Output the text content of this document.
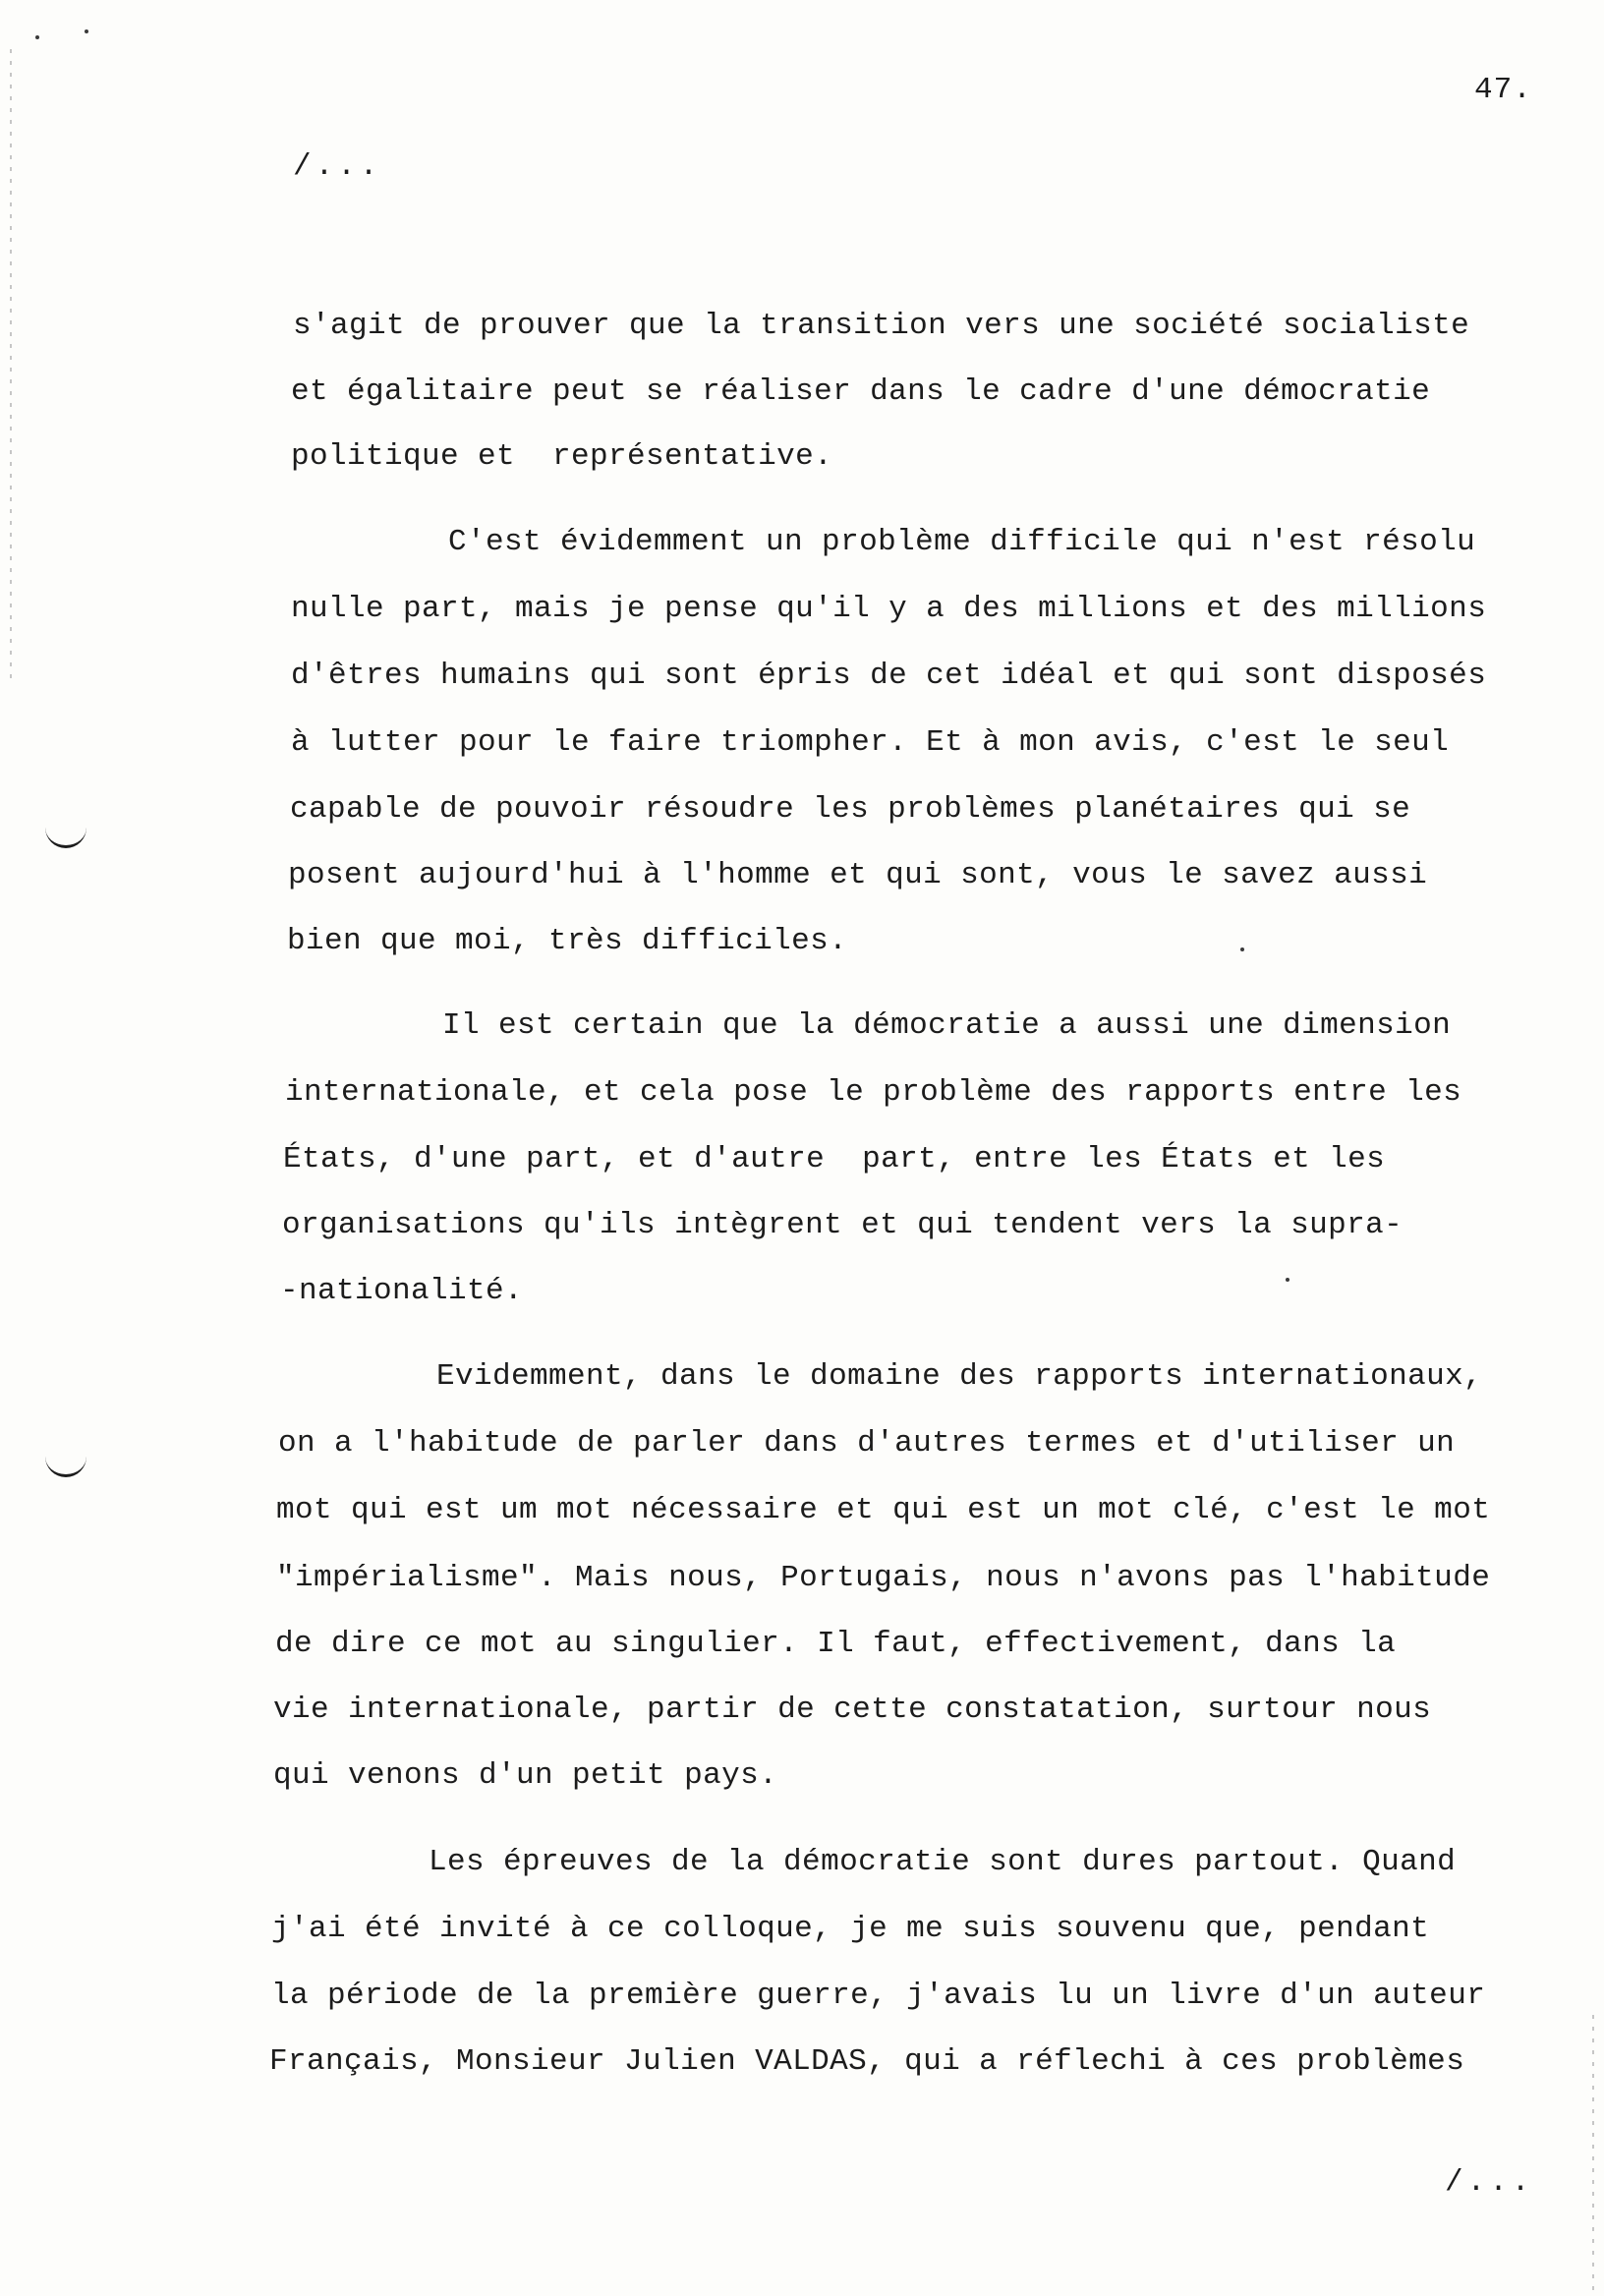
47.
/...
s'agit de prouver que la transition vers une société socialiste
et égalitaire peut se réaliser dans le cadre d'une démocratie
politique et  représentative.
C'est évidemment un problème difficile qui n'est résolu
nulle part, mais je pense qu'il y a des millions et des millions
d'êtres humains qui sont épris de cet idéal et qui sont disposés
à lutter pour le faire triompher. Et à mon avis, c'est le seul
capable de pouvoir résoudre les problèmes planétaires qui se
posent aujourd'hui à l'homme et qui sont, vous le savez aussi
bien que moi, très difficiles.
Il est certain que la démocratie a aussi une dimension
internationale, et cela pose le problème des rapports entre les
États, d'une part, et d'autre  part, entre les États et les
organisations qu'ils intègrent et qui tendent vers la supra-
-nationalité.
Evidemment, dans le domaine des rapports internationaux,
on a l'habitude de parler dans d'autres termes et d'utiliser un
mot qui est um mot nécessaire et qui est un mot clé, c'est le mot
"impérialisme". Mais nous, Portugais, nous n'avons pas l'habitude
de dire ce mot au singulier. Il faut, effectivement, dans la
vie internationale, partir de cette constatation, surtour nous
qui venons d'un petit pays.
Les épreuves de la démocratie sont dures partout. Quand
j'ai été invité à ce colloque, je me suis souvenu que, pendant
la période de la première guerre, j'avais lu un livre d'un auteur
Français, Monsieur Julien VALDAS, qui a réflechi à ces problèmes
/...
